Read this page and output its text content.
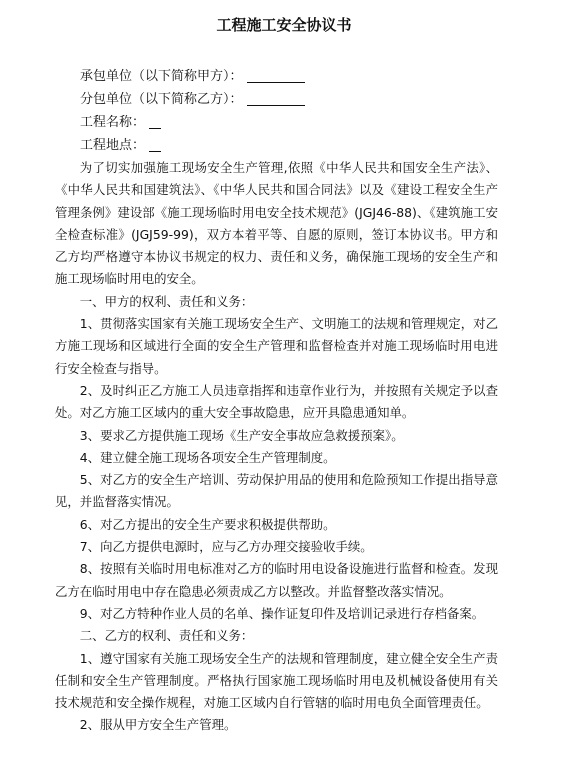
工程施工安全协议书
承包单位（以下简称甲方）：
分包单位（以下简称乙方）：
工程名称：
工程地点：

为了切实加强施工现场安全生产管理,依照《中华人民共和国安全生产法》、《中华人民共和国建筑法》、《中华人民共和国合同法》以及《建设工程安全生产管理条例》建设部《施工现场临时用电安全技术规范》(JGJ46-88)、《建筑施工安全检查标准》(JGJ59-99)，双方本着平等、自愿的原则，签订本协议书。甲方和乙方均严格遵守本协议书规定的权力、责任和义务，确保施工现场的安全生产和施工现场临时用电的安全。

一、甲方的权利、责任和义务：

1、贯彻落实国家有关施工现场安全生产、文明施工的法规和管理规定，对乙方施工现场和区域进行全面的安全生产管理和监督检查并对施工现场临时用电进行安全检查与指导。

2、及时纠正乙方施工人员违章指挥和违章作业行为，并按照有关规定予以查处。对乙方施工区域内的重大安全事故隐患，应开具隐患通知单。

3、要求乙方提供施工现场《生产安全事故应急救援预案》。

4、建立健全施工现场各项安全生产管理制度。

5、对乙方的安全生产培训、劳动保护用品的使用和危险预知工作提出指导意见，并监督落实情况。

6、对乙方提出的安全生产要求积极提供帮助。

7、向乙方提供电源时，应与乙方办理交接验收手续。

8、按照有关临时用电标准对乙方的临时用电设备设施进行监督和检查。发现乙方在临时用电中存在隐患必须责成乙方以整改。并监督整改落实情况。

9、对乙方特种作业人员的名单、操作证复印件及培训记录进行存档备案。

二、乙方的权利、责任和义务：

1、遵守国家有关施工现场安全生产的法规和管理制度，建立健全安全生产责任制和安全生产管理制度。严格执行国家施工现场临时用电及机械设备使用有关技术规范和安全操作规程，对施工区域内自行管辖的临时用电负全面管理责任。

2、服从甲方安全生产管理。
